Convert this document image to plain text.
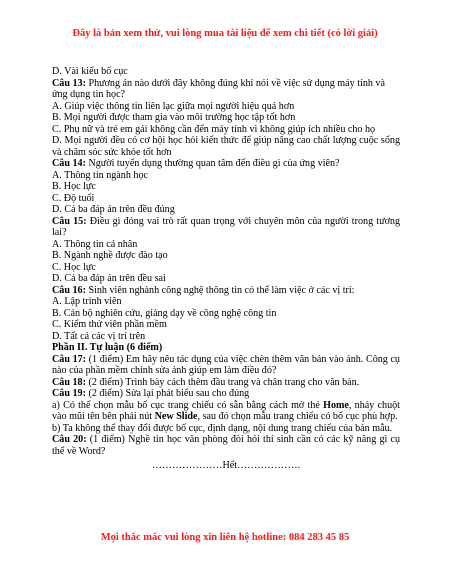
Đây là bản xem thử, vui lòng mua tài liệu để xem chi tiết (có lời giải)
D. Vài kiểu bố cục
Câu 13: Phương án nào dưới đây không đúng khi nói về việc sử dụng máy tính và ứng dụng tin học?
A. Giúp việc thông tin liên lạc giữa mọi người hiệu quả hơn
B. Mọi người được tham gia vào môi trường học tập tốt hơn
C. Phụ nữ và trẻ em gái không cần đến máy tính vì không giúp ích nhiều cho họ
D. Mọi người đều có cơ hội học hỏi kiến thức để giúp nâng cao chất lượng cuộc sống và chăm sóc sức khỏe tốt hơn
Câu 14: Người tuyển dụng thường quan tâm đến điều gì của ứng viên?
A. Thông tin ngành học
B. Học lực
C. Độ tuổi
D. Cả ba đáp án trên đều đúng
Câu 15: Điều gì đóng vai trò rất quan trọng với chuyên môn của người trong tương lai?
A. Thông tin cá nhân
B. Ngành nghề được đào tạo
C. Học lực
D. Cả ba đáp án trên đều sai
Câu 16: Sinh viên nghành công nghệ thông tin có thể làm việc ở các vị trí:
A. Lập trình viên
B. Cán bộ nghiên cứu, giảng dạy về công nghệ công tin
C. Kiểm thử viên phần mềm
D. Tất cả các vị trí trên
Phần II. Tự luận (6 điểm)
Câu 17: (1 điểm) Em hãy nêu tác dụng của việc chèn thêm văn bản vào ảnh. Công cụ nào của phần mềm chỉnh sửa ảnh giúp em làm điều đó?
Câu 18: (2 điểm) Trình bày cách thêm đầu trang và chân trang cho văn bản.
Câu 19: (2 điểm) Sửa lại phát biểu sau cho đúng
a) Có thể chọn mẫu bố cục trang chiếu có sẵn bằng cách mở thẻ Home, nháy chuột vào mũi tên bên phải nút New Slide, sau đó chọn mẫu trang chiếu có bố cục phù hợp.
b) Ta không thể thay đổi được bố cục, định dạng, nội dung trang chiếu của bản mẫu.
Câu 20: (1 điểm) Nghề tin học văn phòng đòi hỏi thí sinh cần có các kỹ năng gì cụ thể về Word?
…………………Hết……………….
Mọi thắc mắc vui lòng xin liên hệ hotline: 084 283 45 85
